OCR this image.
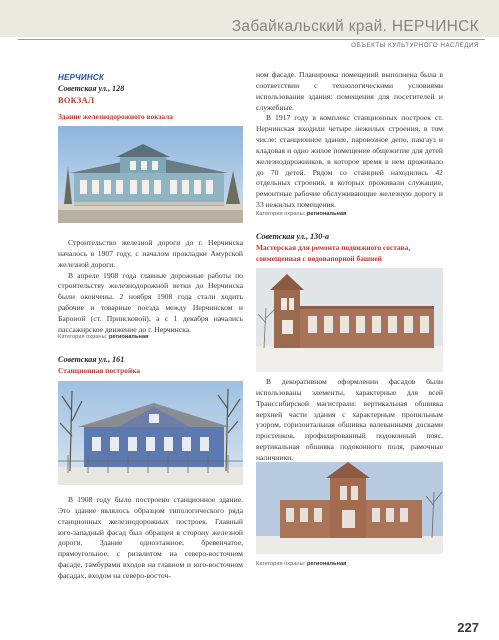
Забайкальский край. НЕРЧИНСК
ОБЪЕКТЫ КУЛЬТУРНОГО НАСЛЕДИЯ
НЕРЧИНСК
Советская ул., 128
ВОКЗАЛ
Здание железнодорожного вокзала

Строительство железной дороги до г. Нерчинска началось в 1907 году, с началом прокладки Амурской железной дороги.

В апреле 1908 года главные дорожные работы по строительству железнодорожной ветки до Нерчинска были окончены. 2 ноября 1908 года стали ходить рабочие и товарные поезда между Нерчинском и Бароной (ст. Приисковой), а с 1 декабря начались пассажирское движение до г. Нерчинска.

Категория охраны: региональная
Советская ул., 161
Станционная постройка

В 1908 году было построено станционное здание. Это здание являлось образцом типологического ряда станционных железнодорожных построек. Главный юго-западный фасад был обращен в сторону железной дороги. Здание одноэтажное, бревенчатое, прямоугольное, с ризалитом на северо-восточном фасаде, тамбурами входов на главном и юго-восточном фасадах, входом на северо-восточ-

ном фасаде. Планировка помещений выполнена была в соответствии с технологическими условиями использования здания: помещения для посетителей и служебные.

В 1917 году в комплекс станционных построек ст. Нерчинская входили четыре нежилых строения, в том числе: станционное здание, паровозное депо, пакгауз и кладовая и одно жилое помещение общежитие для детей железнодорожников, в которое время в нем проживало до 70 детей. Рядом со станцией находились 42 отдельных строения, в которых проживали служащие, ремонтные рабочие обслуживающие железную дорогу и 33 нежилых помещения.

Категория охраны: региональная
Советская ул., 130-а
Мастерская для ремонта подвижного состава, совмещенная с водонапорной башней

В декоративном оформлении фасадов были использованы элементы, характерные для всей Транссибирской магистрали: вертикальная обшивка верхней части здания с характерным пропильным узором, горизонтальная обшивка валеванными досками простенков, профилированный подоконный пояс, вертикальная обшивка подоконного поля, рамочные наличники.

Категория охраны: региональная
227
